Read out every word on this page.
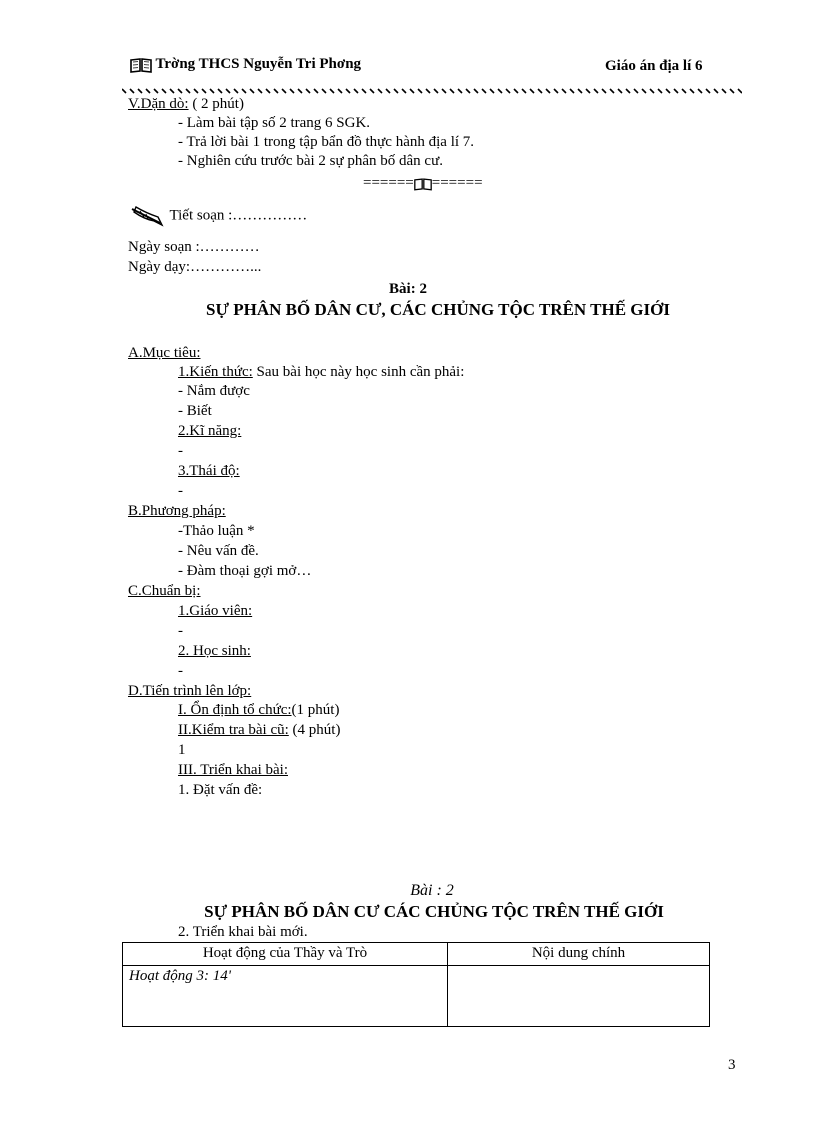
Trờng THCS Nguyễn Tri Phơng	Giáo án địa lí 6
V.Dặn dò: ( 2 phút)
- Làm bài tập số 2 trang 6 SGK.
- Trả lời bài 1 trong tập bẩn đồ thực hành địa lí 7.
- Nghiên cứu trước bài 2 sự phân bố dân cư.
====== ======
Tiết soạn :……………
Ngày soạn :…………
Ngày dạy:…………...
Bài: 2
SỰ PHÂN BỐ DÂN CƯ, CÁC CHỦNG TỘC TRÊN THẾ GIỚI
A.Mục tiêu:
1.Kiến thức: Sau bài học này học sinh cần phải:
- Nắm được
- Biết
2.Kĩ năng:
-
3.Thái độ:
-
B.Phương pháp:
-Thảo luận *
- Nêu vấn đề.
- Đàm thoại gợi mở…
C.Chuẩn bị:
1.Giáo viên:
-
2. Học sinh:
-
D.Tiến trình lên lớp:
I. Ổn định tổ chức:(1 phút)
II.Kiểm tra bài cũ: (4 phút)
1
III. Triển khai bài:
1. Đặt vấn đề:
Bài : 2
SỰ PHÂN BỐ DÂN CƯ CÁC CHỦNG TỘC TRÊN THẾ GIỚI
2. Triển khai bài mới.
Hoạt động của Thầy và Trò	Nội dung chính
Hoạt động 3: 14'	
3
